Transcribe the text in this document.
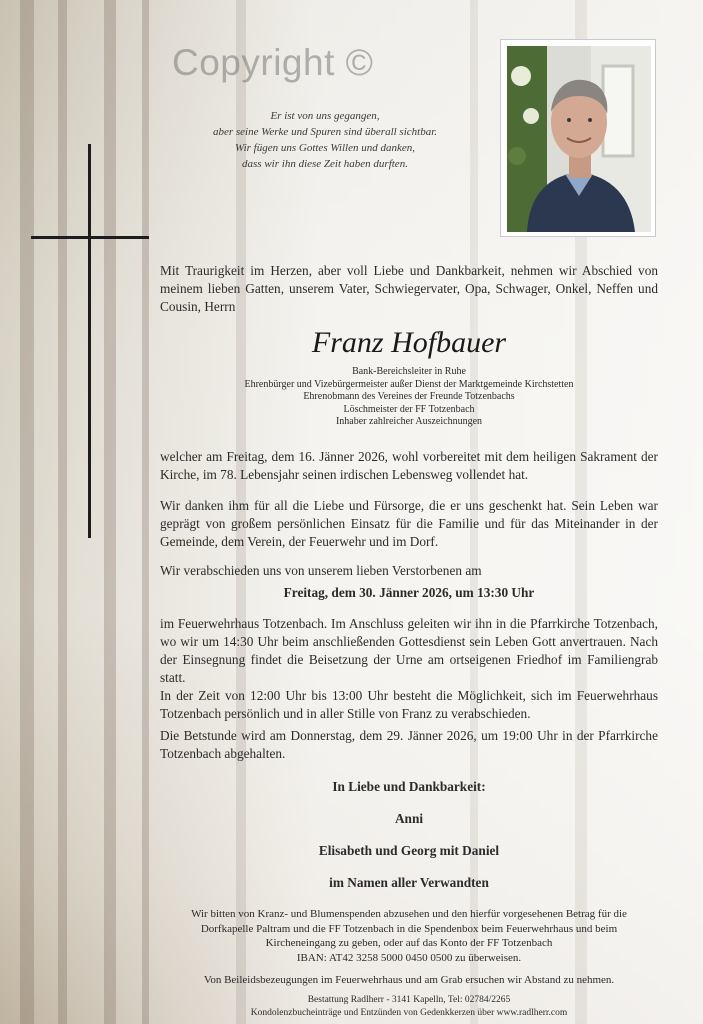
Copyright ©
Er ist von uns gegangen,
aber seine Werke und Spuren sind überall sichtbar.
Wir fügen uns Gottes Willen und danken,
dass wir ihn diese Zeit haben durften.
Mit Traurigkeit im Herzen, aber voll Liebe und Dankbarkeit, nehmen wir Abschied von meinem lieben Gatten, unserem Vater, Schwiegervater, Opa, Schwager, Onkel, Neffen und Cousin, Herrn
Franz Hofbauer
Bank-Bereichsleiter in Ruhe
Ehrenbürger und Vizebürgermeister außer Dienst der Marktgemeinde Kirchstetten
Ehrenobmann des Vereines der Freunde Totzenbachs
Löschmeister der FF Totzenbach
Inhaber zahlreicher Auszeichnungen
welcher am Freitag, dem 16. Jänner 2026, wohl vorbereitet mit dem heiligen Sakrament der Kirche, im 78. Lebensjahr seinen irdischen Lebensweg vollendet hat.
Wir danken ihm für all die Liebe und Fürsorge, die er uns geschenkt hat. Sein Leben war geprägt von großem persönlichen Einsatz für die Familie und für das Miteinander in der Gemeinde, dem Verein, der Feuerwehr und im Dorf.
Wir verabschieden uns von unserem lieben Verstorbenen am
Freitag, dem 30. Jänner 2026, um 13:30 Uhr
im Feuerwehrhaus Totzenbach. Im Anschluss geleiten wir ihn in die Pfarrkirche Totzenbach, wo wir um 14:30 Uhr beim anschließenden Gottesdienst sein Leben Gott anvertrauen. Nach der Einsegnung findet die Beisetzung der Urne am ortseigenen Friedhof im Familiengrab statt.
In der Zeit von 12:00 Uhr bis 13:00 Uhr besteht die Möglichkeit, sich im Feuerwehrhaus Totzenbach persönlich und in aller Stille von Franz zu verabschieden.
Die Betstunde wird am Donnerstag, dem 29. Jänner 2026, um 19:00 Uhr in der Pfarrkirche Totzenbach abgehalten.
In Liebe und Dankbarkeit:
Anni
Elisabeth und Georg mit Daniel
im Namen aller Verwandten
Wir bitten von Kranz- und Blumenspenden abzusehen und den hierfür vorgesehenen Betrag für die
Dorfkapelle Paltram und die FF Totzenbach in die Spendenbox beim Feuerwehrhaus und beim
Kircheneingang zu geben, oder auf das Konto der FF Totzenbach
IBAN: AT42 3258 5000 0450 0500 zu überweisen.
Von Beileidsbezeugungen im Feuerwehrhaus und am Grab ersuchen wir Abstand zu nehmen.
Bestattung Radlherr - 3141 Kapelln, Tel: 02784/2265
Kondolenzbucheinträge und Entzünden von Gedenkkerzen über www.radlherr.com
